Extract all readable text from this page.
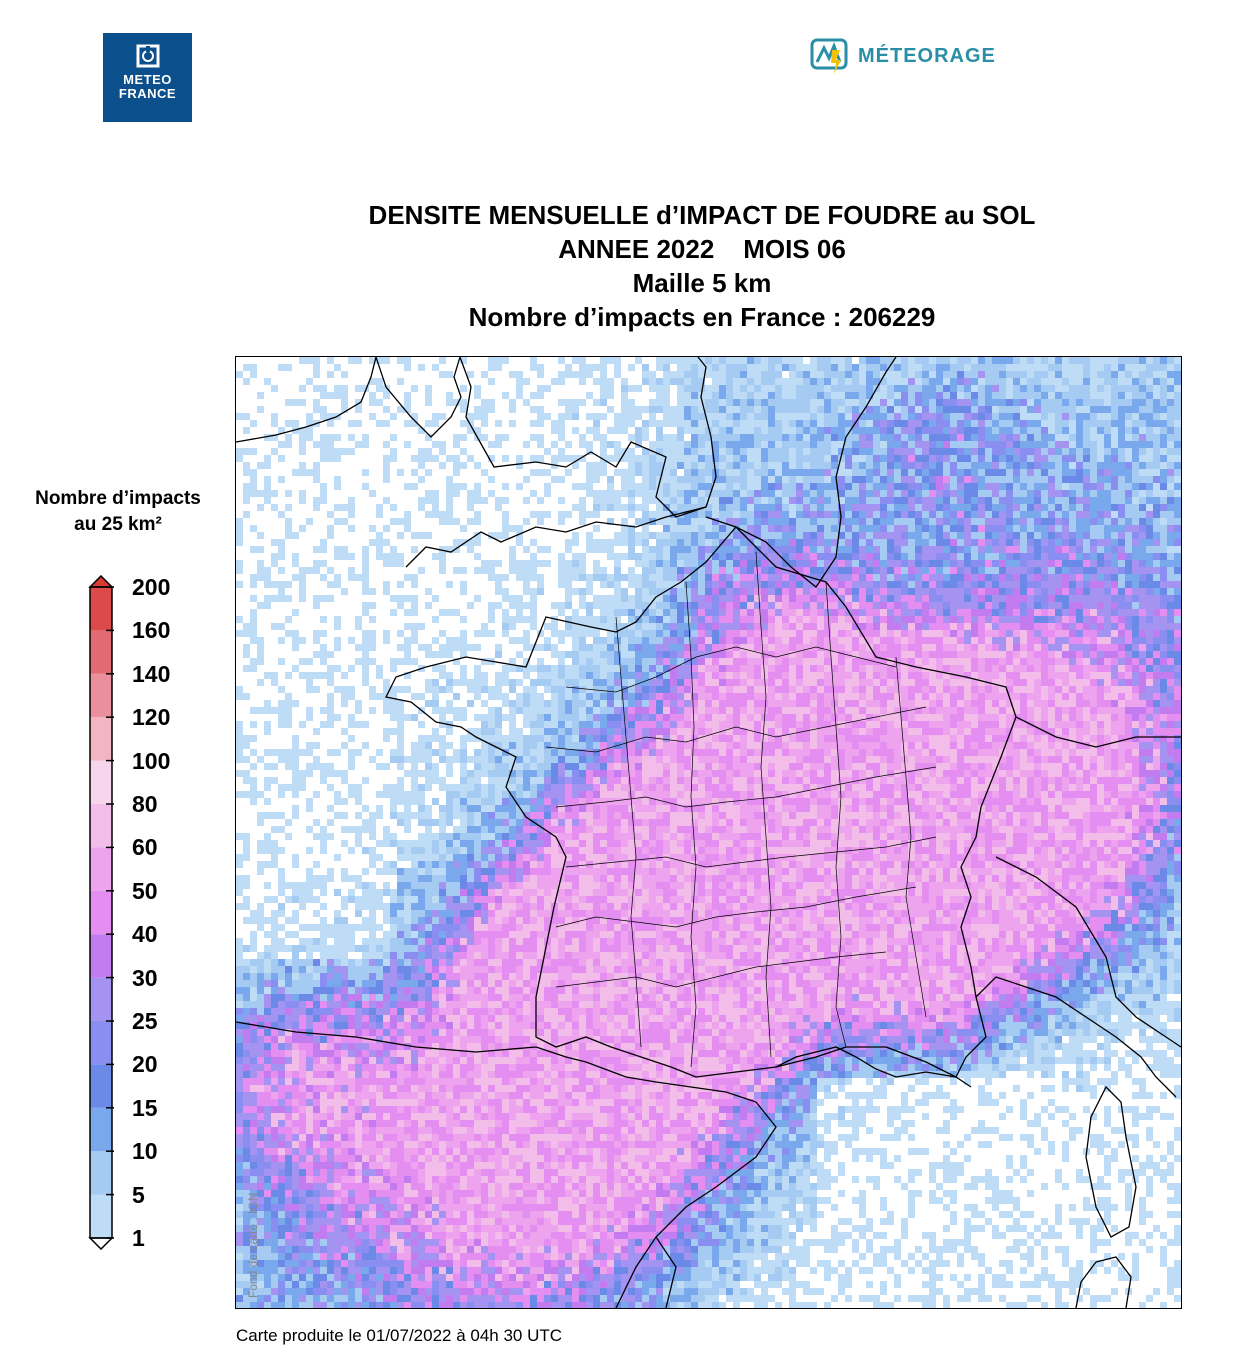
METEO
FRANCE
MÉTEORAGE
DENSITE MENSUELLE d’IMPACT DE FOUDRE au SOL
ANNEE 2022    MOIS 06
Maille 5 km
Nombre d’impacts en France : 206229
Nombre d’impacts
au 25 km²
Fond de carte : IGN
Carte produite le 01/07/2022 à 04h 30 UTC
1
5
10
15
20
25
30
40
50
60
80
100
120
140
160
200
